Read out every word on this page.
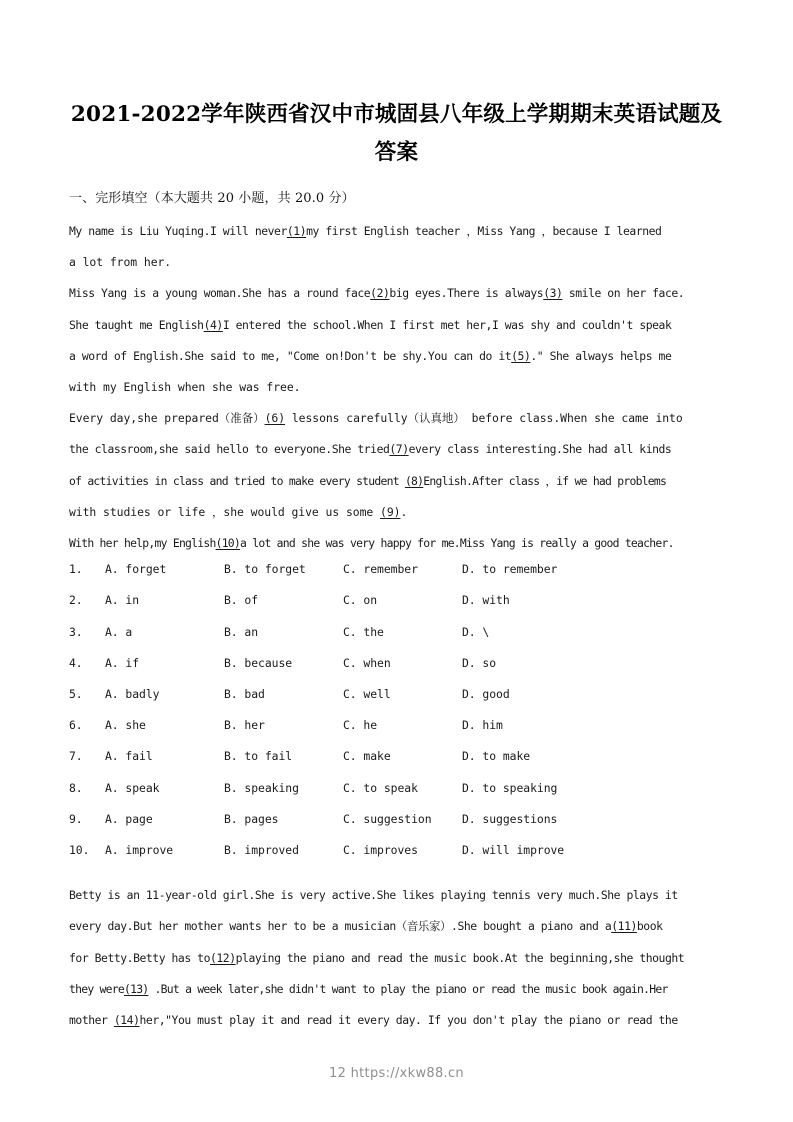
2021-2022学年陕西省汉中市城固县八年级上学期期末英语试题及答案
一、完形填空（本大题共 20 小题，共 20.0 分）
My name is Liu Yuqing.I will never(1)my first English teacher ，Miss Yang ，because I learned
a lot from her.
Miss Yang is a young woman.She has a round face(2)big eyes.There is always(3) smile on her face.
She taught me English(4)I entered the school.When I first met her,I was shy and couldn't speak
a word of English.She said to me, "Come on!Don't be shy.You can do it(5)." She always helps me
with my English when she was free.
Every day,she prepared（准备）(6) lessons carefully（认真地） before class.When she came into
the classroom,she said hello to everyone.She tried(7)every class interesting.She had all kinds
of activities in class and tried to make every student (8)English.After class ，if we had problems
with studies or life ，she would give us some (9).
With her help,my English(10)a lot and she was very happy for me.Miss Yang is really a good teacher.
1.	A. forget	B. to forget	C. remember	D. to remember
2.	A. in	B. of	C. on	D. with
3.	A. a	B. an	C. the	D. \
4.	A. if	B. because	C. when	D. so
5.	A. badly	B. bad	C. well	D. good
6.	A. she	B. her	C. he	D. him
7.	A. fail	B. to fail	C. make	D. to make
8.	A. speak	B. speaking	C. to speak	D. to speaking
9.	A. page	B. pages	C. suggestion	D. suggestions
10.	A. improve	B. improved	C. improves	D. will improve
Betty is an 11-year-old girl.She is very active.She likes playing tennis very much.She plays it
every day.But her mother wants her to be a musician（音乐家）.She bought a piano and a(11)book
for Betty.Betty has to(12)playing the piano and read the music book.At the beginning,she thought
they were(13) .But a week later,she didn't want to play the piano or read the music book again.Her
mother (14)her,"You must play it and read it every day. If you don't play the piano or read the
12 https://xkw88.cn
